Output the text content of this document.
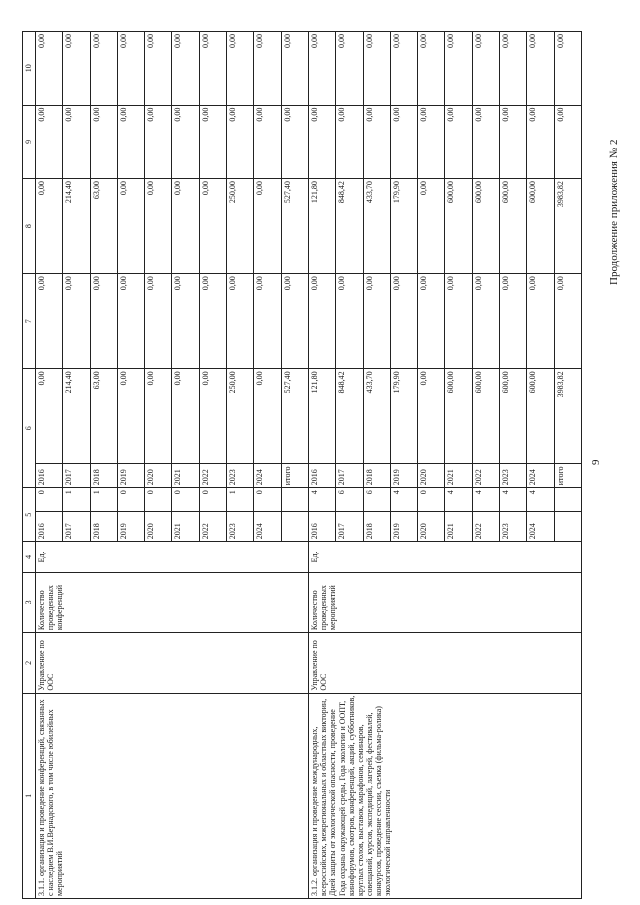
9
Продолжение приложения № 2
1	2	3	4	5		6		7	8	9	10
3.1.1. организация и проведение конференций, связанных с наследием В.И.Вернадского, в том числе юбилейных мероприятий	Управление по ООС	Количество проведенных конференций	Ед.	2016	0	2016	0,00	0,00	0,00	0,00	0,00
				2017	1	2017	214,40	0,00	214,40	0,00	0,00
				2018	1	2018	63,00	0,00	63,00	0,00	0,00
				2019	0	2019	0,00	0,00	0,00	0,00	0,00
				2020	0	2020	0,00	0,00	0,00	0,00	0,00
				2021	0	2021	0,00	0,00	0,00	0,00	0,00
				2022	0	2022	0,00	0,00	0,00	0,00	0,00
				2023	1	2023	250,00	0,00	250,00	0,00	0,00
				2024	0	2024	0,00	0,00	0,00	0,00	0,00
						итого	527,40	0,00	527,40	0,00	0,00
3.1.2. организация и проведение международных, всероссийских, межрегиональных и областных викторин, Дней защиты от экологической опасности, проведение Года охраны окружающей среды, Года экологии и ООПТ, кинофорумов, смотров, конференций, акций, субботников, круглых столов, выставок, марафонов, семинаров, совещаний, курсов, экспедиций, лагерей, фестивалей, конкурсов, проведение сессии, съемка (фильма-ролика) экологической направленности	Управление по ООС	Количество проведенных мероприятий	Ед.	2016	4	2016	121,80	0,00	121,80	0,00	0,00
				2017	6	2017	848,42	0,00	848,42	0,00	0,00
				2018	6	2018	433,70	0,00	433,70	0,00	0,00
				2019	4	2019	179,90	0,00	179,90	0,00	0,00
				2020	0	2020	0,00	0,00	0,00	0,00	0,00
				2021	4	2021	600,00	0,00	600,00	0,00	0,00
				2022	4	2022	600,00	0,00	600,00	0,00	0,00
				2023	4	2023	600,00	0,00	600,00	0,00	0,00
				2024	4	2024	600,00	0,00	600,00	0,00	0,00
						итого	3983,82	0,00	3983,82	0,00	0,00
